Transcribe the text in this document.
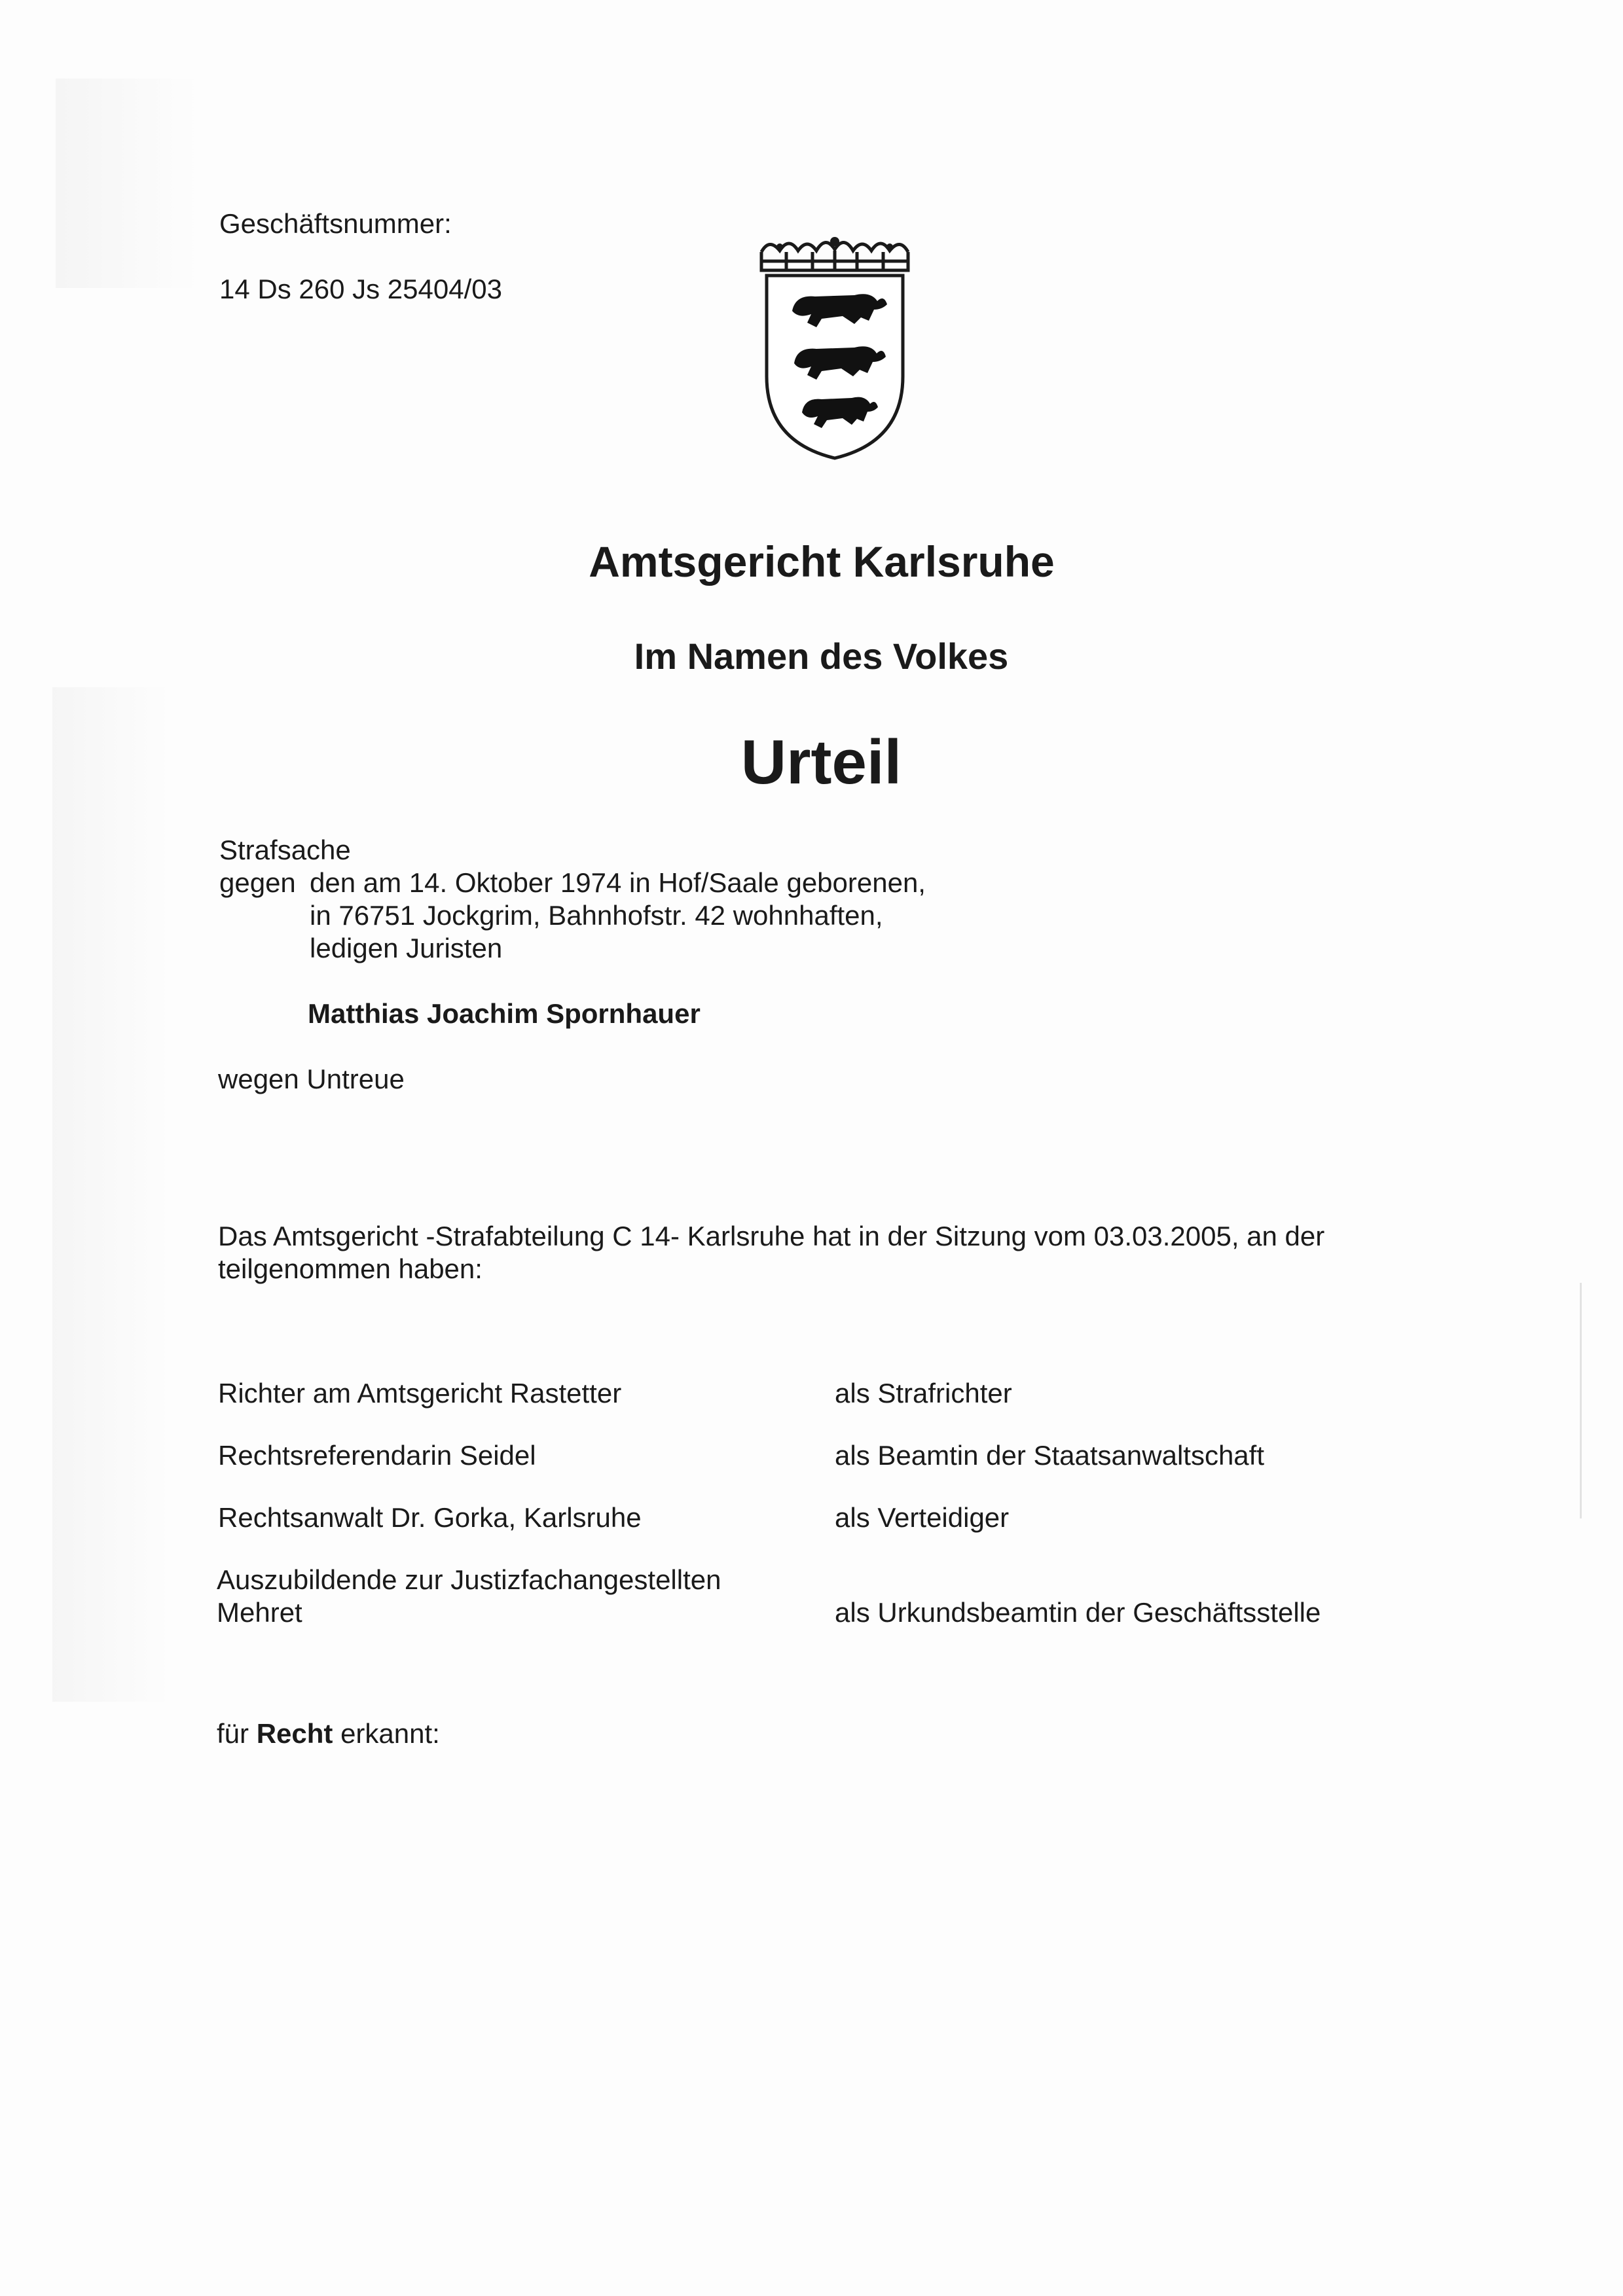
Geschäftsnummer:
14 Ds 260 Js 25404/03
Amtsgericht Karlsruhe
Im Namen des Volkes
Urteil
Strafsache
gegen den am 14. Oktober 1974 in Hof/Saale geborenen,
in 76751 Jockgrim, Bahnhofstr. 42 wohnhaften,
ledigen Juristen
Matthias Joachim Spornhauer
wegen Untreue
Das Amtsgericht -Strafabteilung C 14- Karlsruhe hat in der Sitzung vom 03.03.2005, an der
teilgenommen haben:
Richter am Amtsgericht Rastetter	als Strafrichter
Rechtsreferendarin Seidel	als Beamtin der Staatsanwaltschaft
Rechtsanwalt Dr. Gorka, Karlsruhe	als Verteidiger
Auszubildende zur Justizfachangestellten
Mehret	als Urkundsbeamtin der Geschäftsstelle
für Recht erkannt:
